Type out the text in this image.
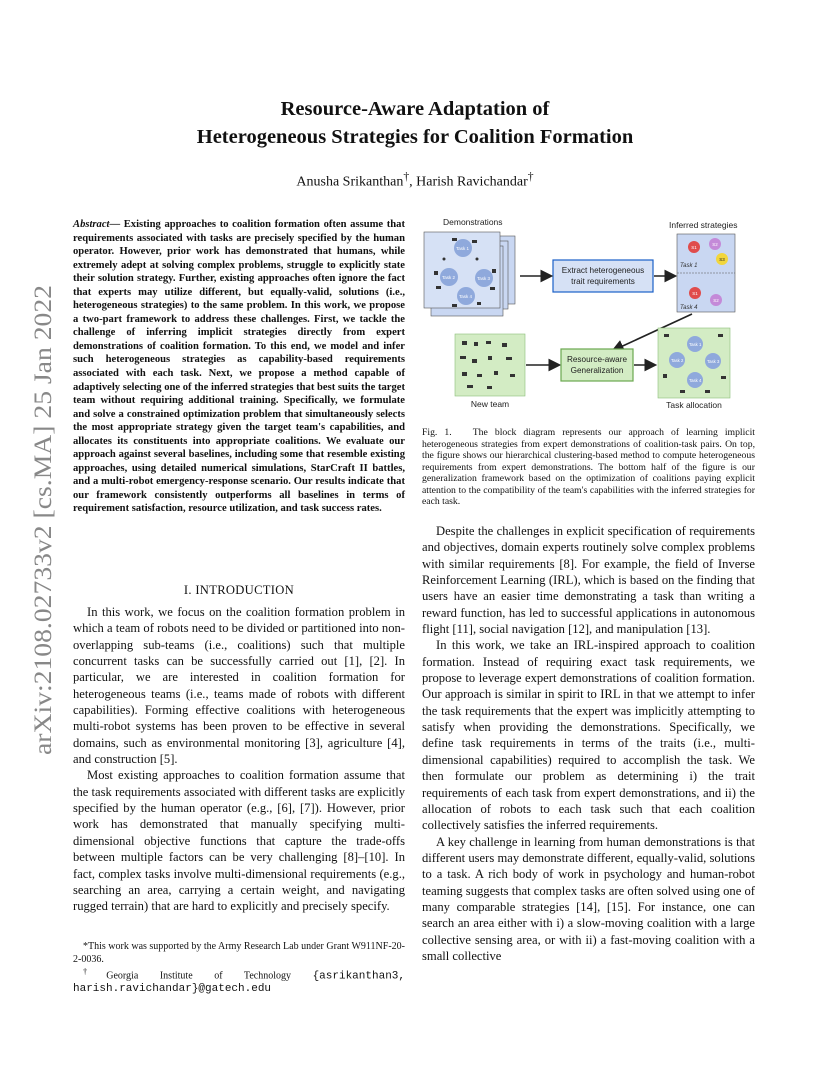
arXiv:2108.02733v2 [cs.MA] 25 Jan 2022
Resource-Aware Adaptation of
Heterogeneous Strategies for Coalition Formation
Anusha Srikanthan†, Harish Ravichandar†
Abstract— Existing approaches to coalition formation often assume that requirements associated with tasks are precisely specified by the human operator. However, prior work has demonstrated that humans, while extremely adept at solving complex problems, struggle to explicitly state their solution strategy. Further, existing approaches often ignore the fact that experts may utilize different, but equally-valid, solutions (i.e., heterogeneous strategies) to the same problem. In this work, we propose a two-part framework to address these challenges. First, we tackle the challenge of inferring implicit strategies directly from expert demonstrations of coalition formation. To this end, we model and infer such heterogeneous strategies as capability-based requirements associated with each task. Next, we propose a method capable of adaptively selecting one of the inferred strategies that best suits the target team without requiring additional training. Specifically, we formulate and solve a constrained optimization problem that simultaneously selects the most appropriate strategy given the target team's capabilities, and allocates its constituents into appropriate coalitions. We evaluate our approach against several baselines, including some that resemble existing approaches, using detailed numerical simulations, StarCraft II battles, and a multi-robot emergency-response scenario. Our results indicate that our framework consistently outperforms all baselines in terms of requirement satisfaction, resource utilization, and task success rates.
I. INTRODUCTION

In this work, we focus on the coalition formation problem in which a team of robots need to be divided or partitioned into non-overlapping sub-teams (i.e., coalitions) such that multiple concurrent tasks can be successfully carried out [1], [2]. In particular, we are interested in coalition formation for heterogeneous teams (i.e., teams made of robots with different capabilities). Forming effective coalitions with heterogeneous multi-robot systems has been proven to be effective in several domains, such as environmental monitoring [3], agriculture [4], and construction [5].

Most existing approaches to coalition formation assume that the task requirements associated with different tasks are explicitly specified by the human operator (e.g., [6], [7]). However, prior work has demonstrated that manually specifying multi-dimensional objective functions that capture the trade-offs between multiple factors can be very challenging [8]–[10]. In fact, complex tasks involve multi-dimensional requirements (e.g., searching an area, carrying a certain weight, and navigating rugged terrain) that are hard to explicitly and precisely specify.

*This work was supported by the Army Research Lab under Grant W911NF-20-2-0036.

†Georgia Institute of Technology {asrikanthan3, harish.ravichandar}@gatech.edu

Demonstrations	Inferred strategies
Task 1
Task 2	Task 3
Task 4
Extract heterogeneous
trait requirements
S1
S2
S3
Task 1
S1
S2
Task 4
New team
Resource-aware
Generalization
Task 1
Task 2	Task 3
Task 4
Task allocation
Fig. 1. The block diagram represents our approach of learning implicit heterogeneous strategies from expert demonstrations of coalition-task pairs. On top, the figure shows our hierarchical clustering-based method to compute heterogeneous requirements from expert demonstrations. The bottom half of the figure is our generalization framework based on the optimization of coalitions paying explicit attention to the compatibility of the team's capabilities with the inferred strategies for each task.

Despite the challenges in explicit specification of requirements and objectives, domain experts routinely solve complex problems with similar requirements [8]. For example, the field of Inverse Reinforcement Learning (IRL), which is based on the finding that users have an easier time demonstrating a task than writing a reward function, has led to successful applications in autonomous flight [11], social navigation [12], and manipulation [13].

In this work, we take an IRL-inspired approach to coalition formation. Instead of requiring exact task requirements, we propose to leverage expert demonstrations of coalition formation. Our approach is similar in spirit to IRL in that we attempt to infer the task requirements that the expert was implicitly attempting to satisfy when providing the demonstrations. Specifically, we define task requirements in terms of the traits (i.e., multi-dimensional capabilities) required to accomplish the task. We then formulate our problem as determining i) the trait requirements of each task from expert demonstrations, and ii) the allocation of robots to each task such that each coalition collectively satisfies the inferred requirements.

A key challenge in learning from human demonstrations is that different users may demonstrate different, equally-valid, solutions to a task. A rich body of work in psychology and human-robot teaming suggests that complex tasks are often solved using one of many comparable strategies [14], [15]. For instance, one can search an area either with i) a slow-moving coalition with a large collective sensing area, or with ii) a fast-moving coalition with a small collective
